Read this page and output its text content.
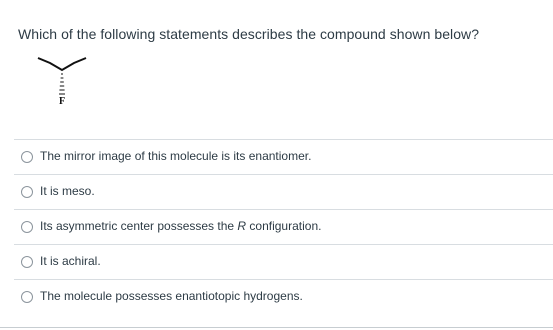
Which of the following statements describes the compound shown below?
F
The mirror image of this molecule is its enantiomer.
It is meso.
Its asymmetric center possesses the R configuration.
It is achiral.
The molecule possesses enantiotopic hydrogens.
